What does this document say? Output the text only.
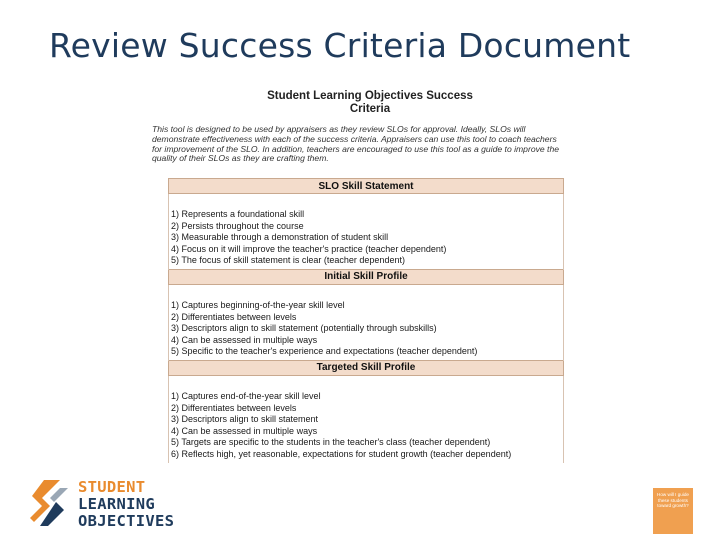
Review Success Criteria Document
Student Learning Objectives Success
Criteria
This tool is designed to be used by appraisers as they review SLOs for approval. Ideally, SLOs will demonstrate effectiveness with each of the success criteria. Appraisers can use this tool to coach teachers for improvement of the SLO. In addition, teachers are encouraged to use this tool as a guide to improve the quality of their SLOs as they are crafting them.
SLO Skill Statement

1) Represents a foundational skill
2) Persists throughout the course
3) Measurable through a demonstration of student skill
4) Focus on it will improve the teacher's practice (teacher dependent)
5) The focus of skill statement is clear (teacher dependent)

Initial Skill Profile

1) Captures beginning-of-the-year skill level
2) Differentiates between levels
3) Descriptors align to skill statement (potentially through subskills)
4) Can be assessed in multiple ways
5) Specific to the teacher's experience and expectations (teacher dependent)

Targeted Skill Profile

1) Captures end-of-the-year skill level
2) Differentiates between levels
3) Descriptors align to skill statement
4) Can be assessed in multiple ways
5) Targets are specific to the students in the teacher's class (teacher dependent)
6) Reflects high, yet reasonable, expectations for student growth (teacher dependent)
STUDENT
LEARNING
OBJECTIVES
How will I guide these students toward growth?
